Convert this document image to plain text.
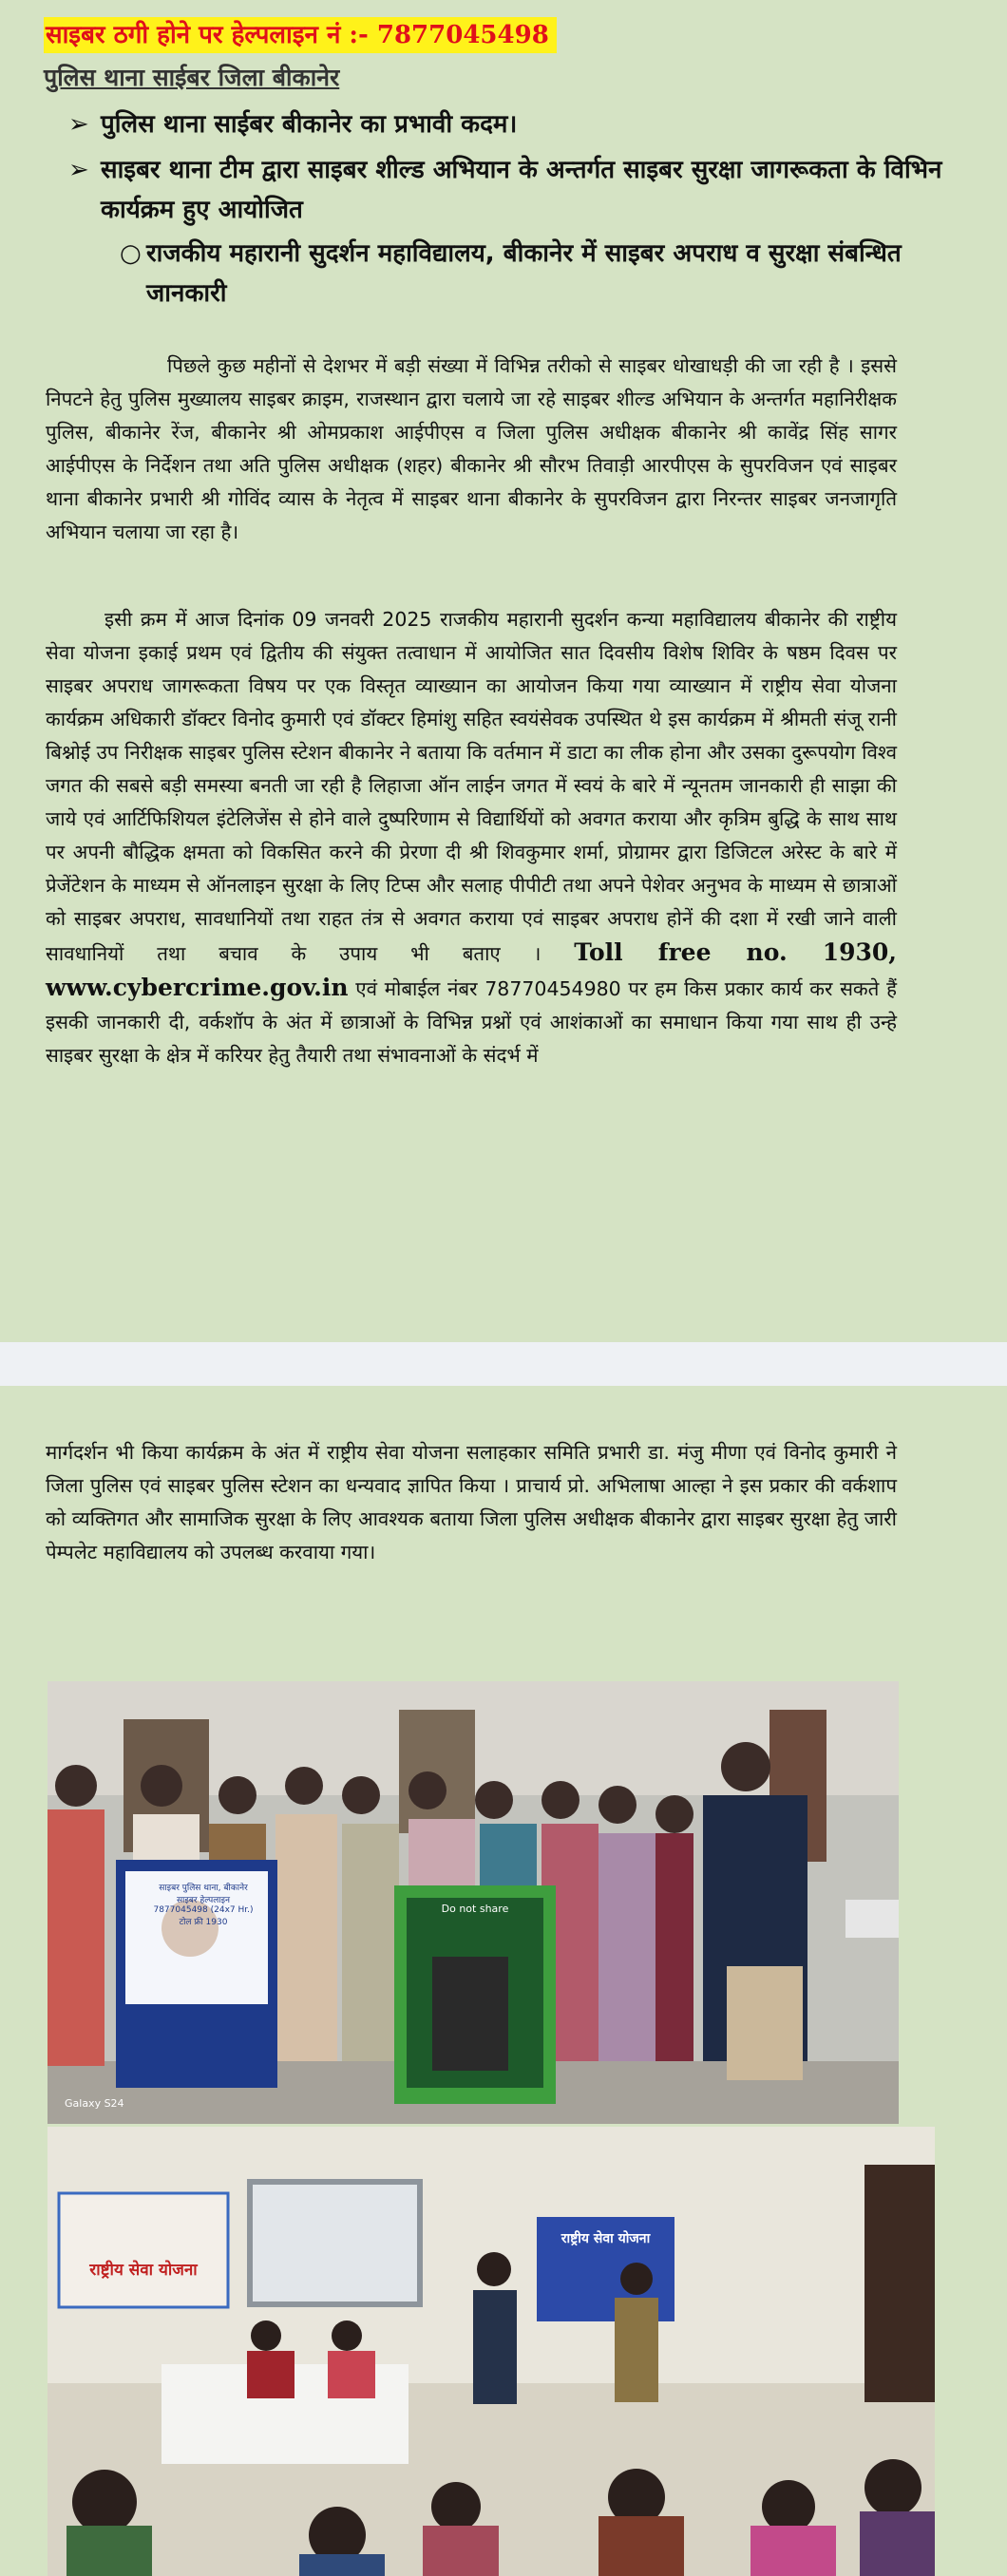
साइबर ठगी होने पर हेल्पलाइन नं :- 7877045498
पुलिस थाना साईबर जिला बीकानेर
➢ पुलिस थाना साईबर बीकानेर का प्रभावी कदम।
➢ साइबर थाना टीम द्वारा साइबर शील्ड अभियान के अन्तर्गत साइबर सुरक्षा जागरूकता के विभिन कार्यक्रम हुए आयोजित
○ राजकीय महारानी सुदर्शन महाविद्यालय, बीकानेर में साइबर अपराध व सुरक्षा संबन्धित जानकारी
पिछले कुछ महीनों से देशभर में बड़ी संख्या में विभिन्न तरीको से साइबर धोखाधड़ी की जा रही है । इससे निपटने हेतु पुलिस मुख्यालय साइबर क्राइम, राजस्थान द्वारा चलाये जा रहे साइबर शील्ड अभियान के अन्तर्गत महानिरीक्षक पुलिस, बीकानेर रेंज, बीकानेर श्री ओमप्रकाश आईपीएस व जिला पुलिस अधीक्षक बीकानेर श्री कावेंद्र सिंह सागर आईपीएस के निर्देशन तथा अति पुलिस अधीक्षक (शहर) बीकानेर श्री सौरभ तिवाड़ी आरपीएस के सुपरविजन एवं साइबर थाना बीकानेर प्रभारी श्री गोविंद व्यास के नेतृत्व में साइबर थाना बीकानेर के सुपरविजन द्वारा निरन्तर साइबर जनजागृति अभियान चलाया जा रहा है।
इसी क्रम में आज दिनांक 09 जनवरी 2025 राजकीय महारानी सुदर्शन कन्या महाविद्यालय बीकानेर की राष्ट्रीय सेवा योजना इकाई प्रथम एवं द्वितीय की संयुक्त तत्वाधान में आयोजित सात दिवसीय विशेष शिविर के षष्ठम दिवस पर साइबर अपराध जागरूकता विषय पर एक विस्तृत व्याख्यान का आयोजन किया गया व्याख्यान में राष्ट्रीय सेवा योजना कार्यक्रम अधिकारी डॉक्टर विनोद कुमारी एवं डॉक्टर हिमांशु सहित स्वयंसेवक उपस्थित थे इस कार्यक्रम में श्रीमती संजू रानी बिश्नोई उप निरीक्षक साइबर पुलिस स्टेशन बीकानेर ने बताया कि वर्तमान में डाटा का लीक होना और उसका दुरूपयोग विश्व जगत की सबसे बड़ी समस्या बनती जा रही है लिहाजा ऑन लाईन जगत में स्वयं के बारे में न्यूनतम जानकारी ही साझा की जाये एवं आर्टिफिशियल इंटेलिजेंस से होने वाले दुष्परिणाम से विद्यार्थियों को अवगत कराया और कृत्रिम बुद्धि के साथ साथ पर अपनी बौद्धिक क्षमता को विकसित करने की प्रेरणा दी श्री शिवकुमार शर्मा, प्रोग्रामर द्वारा डिजिटल अरेस्ट के बारे में प्रेजेंटेशन के माध्यम से ऑनलाइन सुरक्षा के लिए टिप्स और सलाह पीपीटी तथा अपने पेशेवर अनुभव के माध्यम से छात्राओं को साइबर अपराध, सावधानियों तथा राहत तंत्र से अवगत कराया एवं साइबर अपराध होनें की दशा में रखी जाने वाली सावधानियों तथा बचाव के उपाय भी बताए । Toll free no. 1930, www.cybercrime.gov.in एवं मोबाईल नंबर 78770454980 पर हम किस प्रकार कार्य कर सकते हैं इसकी जानकारी दी, वर्कशॉप के अंत में छात्राओं के विभिन्न प्रश्नों एवं आशंकाओं का समाधान किया गया साथ ही उन्हे साइबर सुरक्षा के क्षेत्र में करियर हेतु तैयारी तथा संभावनाओं के संदर्भ में
मार्गदर्शन भी किया कार्यक्रम के अंत में राष्ट्रीय सेवा योजना सलाहकार समिति प्रभारी डा. मंजु मीणा एवं विनोद कुमारी ने जिला पुलिस एवं साइबर पुलिस स्टेशन का धन्यवाद ज्ञापित किया । प्राचार्य प्रो. अभिलाषा आल्हा ने इस प्रकार की वर्कशाप को व्यक्तिगत और सामाजिक सुरक्षा के लिए आवश्यक बताया जिला पुलिस अधीक्षक बीकानेर द्वारा साइबर सुरक्षा हेतु जारी पेम्पलेट महाविद्यालय को उपलब्ध करवाया गया।
साइबर पुलिस थाना, बीकानेर
साइबर हेल्पलाइन
7877045498 (24x7 Hr.)
टोल फ्री 1930
Do not share
Galaxy S24
राष्ट्रीय सेवा योजना
राष्ट्रीय सेवा योजना
